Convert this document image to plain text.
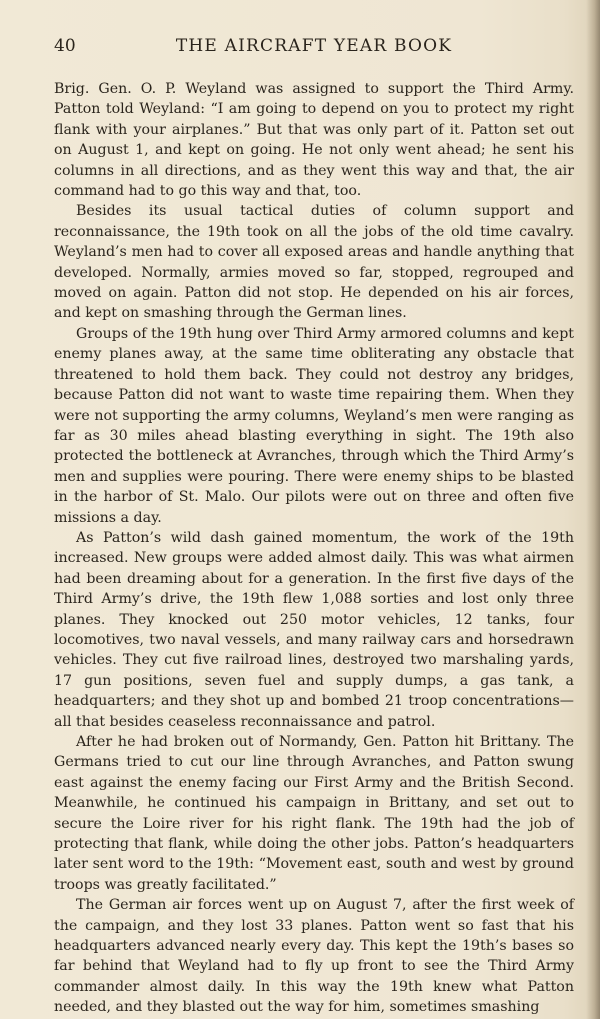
40	THE AIRCRAFT YEAR BOOK

Brig. Gen. O. P. Weyland was assigned to support the Third Army. Patton told Weyland: “I am going to depend on you to protect my right flank with your airplanes.” But that was only part of it. Patton set out on August 1, and kept on going. He not only went ahead; he sent his columns in all directions, and as they went this way and that, the air command had to go this way and that, too.

Besides its usual tactical duties of column support and reconnaissance, the 19th took on all the jobs of the old time cavalry. Weyland’s men had to cover all exposed areas and handle anything that developed. Normally, armies moved so far, stopped, regrouped and moved on again. Patton did not stop. He depended on his air forces, and kept on smashing through the German lines.

Groups of the 19th hung over Third Army armored columns and kept enemy planes away, at the same time obliterating any obstacle that threatened to hold them back. They could not destroy any bridges, because Patton did not want to waste time repairing them. When they were not supporting the army columns, Weyland’s men were ranging as far as 30 miles ahead blasting everything in sight. The 19th also protected the bottleneck at Avranches, through which the Third Army’s men and supplies were pouring. There were enemy ships to be blasted in the harbor of St. Malo. Our pilots were out on three and often five missions a day.

As Patton’s wild dash gained momentum, the work of the 19th increased. New groups were added almost daily. This was what airmen had been dreaming about for a generation. In the first five days of the Third Army’s drive, the 19th flew 1,088 sorties and lost only three planes. They knocked out 250 motor vehicles, 12 tanks, four locomotives, two naval vessels, and many railway cars and horsedrawn vehicles. They cut five railroad lines, destroyed two marshaling yards, 17 gun positions, seven fuel and supply dumps, a gas tank, a headquarters; and they shot up and bombed 21 troop concentrations—all that besides ceaseless reconnaissance and patrol.

After he had broken out of Normandy, Gen. Patton hit Brittany. The Germans tried to cut our line through Avranches, and Patton swung east against the enemy facing our First Army and the British Second. Meanwhile, he continued his campaign in Brittany, and set out to secure the Loire river for his right flank. The 19th had the job of protecting that flank, while doing the other jobs. Patton’s headquarters later sent word to the 19th: “Movement east, south and west by ground troops was greatly facilitated.”

The German air forces went up on August 7, after the first week of the campaign, and they lost 33 planes. Patton went so fast that his headquarters advanced nearly every day. This kept the 19th’s bases so far behind that Weyland had to fly up front to see the Third Army commander almost daily. In this way the 19th knew what Patton needed, and they blasted out the way for him, sometimes smashing
